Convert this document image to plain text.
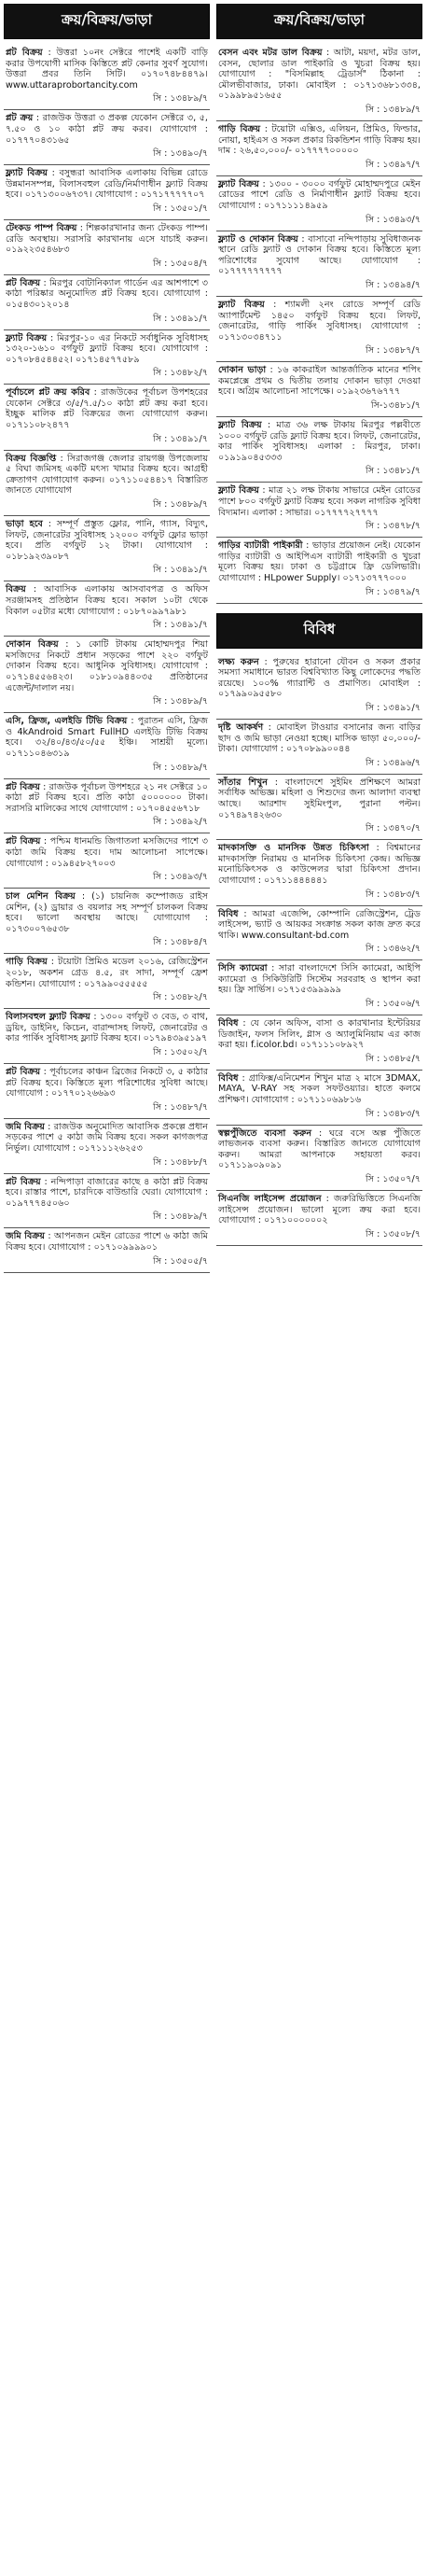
ক্রয়/বিক্রয়/ভাড়া

প্লট বিক্রয় : উত্তরা ১০নং সেক্টরে পাশেই একটি বাড়ি করার উপযোগী মাসিক কিস্তিতে প্লট কেনার সুবর্ণ সুযোগ। উত্তরা প্রবর তিনি সিটি। ০১৭০৭৪৮৪৪৭৯। www.uttaraprobortancity.com

সি : ১৩৪৮৯/৭

প্লট ক্রয় : রাজউক উত্তরা ৩ প্রকল্প যেকোন সেক্টরে ৩, ৫, ৭.৫০ ও ১০ কাঠা প্লট ক্রয় করব। যোগাযোগ : ০১৭৭৭০৪৩১৬৫

সি : ১৩৪৯০/৭

ফ্ল্যাট বিক্রয় : বসুন্ধরা আবাসিক এলাকায় বিভিন্ন রোডে উন্নমানসম্পন্ন, বিলাসবহুল রেডি/নির্মাণাধীন ফ্ল্যাট বিক্রয় হবে। ০১৭১৩০০৬৭৩৭। যোগাযোগ : ০১৭১৭৭৭৭৭০৭

সি : ১৩৫০১/৭

টেংকড পাম্প বিক্রয় : শিল্পকারখানার জন্য টেংকড পাম্প। রেডি অবস্থায়। সরাসরি কারখানায় এসে যাচাই করুন। ০১৯২২৩৫৪৬৮৩

সি : ১৩৫০৪/৭

প্লট বিক্রয় : মিরপুর বোটানিক্যাল গার্ডেন এর আশপাশে ৩ কাঠা পরিষ্কার অনুমোদিত প্লট বিক্রয় হবে। যোগাযোগ : ০১৫৪৩০১২০১৪

সি : ১৩৪৯১/৭

ফ্ল্যাট বিক্রয় : মিরপুর-১০ এর নিকটে সর্বাধুনিক সুবিধাসহ ১৩২০-১৬১০ বর্গফুট ফ্ল্যাট বিক্রয় হবে। যোগাযোগ : ০১৭০৮৪৫৪৪৫২। ০১৭১৪৫৭৭৫৮৯

সি : ১৩৪৮২/৭

পূর্বাচলে প্লট ক্রয় করিব : রাজউকের পূর্বাচল উপশহরের যেকোন সেক্টরে ৩/৫/৭.৫/১০ কাঠা প্লট ক্রয় করা হবে। ইচ্ছুক মালিক প্লট বিক্রয়ের জন্য যোগাযোগ করুন। ০১৭১১০৮২৪৭৭

সি : ১৩৪৯১/৭

বিক্রয় বিজ্ঞপ্তি : সিরাজগঞ্জ জেলার রায়গঞ্জ উপজেলায় ৫ বিঘা জমিসহ একটি মৎস্য খামার বিক্রয় হবে। আগ্রহী ক্রেতাগণ যোগাযোগ করুন। ০১৭১১০৫৪৪১৭ বিস্তারিত জানতে যোগাযোগ

সি : ১৩৪৮৯/৭

ভাড়া হবে : সম্পূর্ণ প্রস্তুত ফ্লোর, পানি, গ্যাস, বিদ্যুৎ, লিফট, জেনারেটর সুবিধাসহ ১২০০০ বর্গফুট ফ্লোর ভাড়া হবে। প্রতি বর্গফুট ১২ টাকা। যোগাযোগ : ০১৮১৯২৩৯০৮৭

সি : ১৩৪৯১/৭

বিক্রয় : আবাসিক এলাকায় আসবাবপত্র ও অফিস সরঞ্জামসহ প্রতিষ্ঠান বিক্রয় হবে। সকাল ১০টা থেকে বিকাল ০৫টার মধ্যে যোগাযোগ : ০১৮৭০৯৯৭৯৮১

সি : ১৩৪৯১/৭

দোকান বিক্রয় : ১ কোটি টাকায় মোহাম্মদপুর শিয়া মসজিদের নিকটে প্রধান সড়কের পাশে ২২০ বর্গফুট দোকান বিক্রয় হবে। আধুনিক সুবিধাসহ। যোগাযোগ : ০১৭১৪৫৫৬৪২৩। ০১৮১০৯৪৪০৩৫ প্রতিষ্ঠানের এজেন্ট/দালাল নয়।

সি : ১৩৪৮৯/৭

এসি, ফ্রিজ, এলইডি টিভি বিক্রয় : পুরাতন এসি, ফ্রিজ ও 4kAndroid Smart FullHD এলইডি টিভি বিক্রয় হবে। ৩২/৪০/৪৩/৫০/৫৫ ইঞ্চি। সাশ্রয়ী মূল্যে। ০১৭১১০৪৬৩১৯

সি : ১৩৪৮৯/৭

প্লট বিক্রয় : রাজউক পূর্বাচল উপশহরে ২১ নং সেক্টরে ১০ কাঠা প্লট বিক্রয় হবে। প্রতি কাঠা ৫০০০০০০ টাকা। সরাসরি মালিকের সাথে যোগাযোগ : ০১৭০৪৫৫৬৭১৮

সি : ১৩৪৯২/৭

প্লট বিক্রয় : পশ্চিম ধানমন্ডি জিগাতলা মসজিদের পাশে ৩ কাঠা জমি বিক্রয় হবে। দাম আলোচনা সাপেক্ষে। যোগাযোগ : ০১৯৪৫৮২৭০০৩

সি : ১৩৪৯৩/৭

চাল মেশিন বিক্রয় : (১) চায়নিজ কম্পোজড রাইস মেশিন, (২) ড্রায়ার ও বয়লার সহ সম্পূর্ণ চালকল বিক্রয় হবে। ভালো অবস্থায় আছে। যোগাযোগ : ০১৭৩০০৭৬৫৩৮

সি : ১৩৪৮৪/৭

গাড়ি বিক্রয় : টয়োটা প্রিমিও মডেল ২০১৬, রেজিস্ট্রেশন ২০১৮, অকশন গ্রেড ৪.৫, রং সাদা, সম্পূর্ণ ফ্রেশ কন্ডিশন। যোগাযোগ : ০১৭৯৯০৫৫৫৫৫

সি : ১৩৪৮২/৭

বিলাসবহুল ফ্ল্যাট বিক্রয় : ১৩০০ বর্গফুট ৩ বেড, ৩ বাথ, ড্রয়িং, ডাইনিং, কিচেন, বারান্দাসহ লিফট, জেনারেটর ও কার পার্কিং সুবিধাসহ ফ্ল্যাট বিক্রয় হবে। ০১৭৯৪৩৯৫১৯৭

সি : ১৩৫০২/৭

প্লট বিক্রয় : পূর্বাচলের কাঞ্চন ব্রিজের নিকটে ৩, ৫ কাঠার প্লট বিক্রয় হবে। কিস্তিতে মূল্য পরিশোধের সুবিধা আছে। যোগাযোগ : ০১৭৭০১২৬৬৯৩

সি : ১৩৪৮৭/৭

জমি বিক্রয় : রাজউক অনুমোদিত আবাসিক প্রকল্পে প্রধান সড়কের পাশে ৫ কাঠা জমি বিক্রয় হবে। সকল কাগজপত্র নির্ভুল। যোগাযোগ : ০১৭১১১২৬২৫৩

সি : ১৩৪৮৮/৭

প্লট বিক্রয় : নন্দিপাড়া বাজারের কাছে ৪ কাঠা প্লট বিক্রয় হবে। রাস্তার পাশে, চারদিকে বাউন্ডারি ঘেরা। যোগাযোগ : ০১৯৭৭৭৪৫০৬০

সি : ১৩৪৮৯/৭

জমি বিক্রয় : আপনজন মেইন রোডের পাশে ৬ কাঠা জমি বিক্রয় হবে। যোগাযোগ : ০১৭১০৯৯৯৯০১

সি : ১৩৫০৫/৭

ক্রয়/বিক্রয়/ভাড়া

বেসন এবং মটর ডাল বিক্রয় : আটা, ময়দা, মটর ডাল, বেসন, ছোলার ডাল পাইকারি ও খুচরা বিক্রয় হয়। যোগাযোগ : "বিসমিল্লাহ ট্রেডার্স" ঠিকানা : মৌলভীবাজার, ঢাকা। মোবাইল : ০১৭১৩৬৮১৩৩৪, ০১৯৯৮৯৫১৬৫৫

সি : ১৩৪৮৯/৭

গাড়ি বিক্রয় : টয়োটা এক্সিও, এলিয়ন, প্রিমিও, ফিল্ডার, নোয়া, হাইএস ও সকল প্রকার রিকন্ডিশন গাড়ি বিক্রয় হয়। দাম : ২৬,৫০,০০০/- ০১৭৭৭৭০০০০০

সি : ১৩৪৯৭/৭

ফ্ল্যাট বিক্রয় : ১৩০০ - ৩০০০ বর্গফুট মোহাম্মদপুরে মেইন রোডের পাশে রেডি ও নির্মাণাধীন ফ্ল্যাট বিক্রয় হবে। যোগাযোগ : ০১৭১১১১৪৯৫৯

সি : ১৩৪৯৩/৭

ফ্ল্যাট ও দোকান বিক্রয় : বাসাবো নন্দিপাড়ায় সুবিধাজনক স্থানে রেডি ফ্ল্যাট ও দোকান বিক্রয় হবে। কিস্তিতে মূল্য পরিশোধের সুযোগ আছে। যোগাযোগ : ০১৭৭৭৭৭৭৭৭৭

সি : ১৩৪৯৪/৭

ফ্ল্যাট বিক্রয় : শ্যামলী ২নং রোডে সম্পূর্ণ রেডি অ্যাপার্টমেন্ট ১৪৫০ বর্গফুট বিক্রয় হবে। লিফট, জেনারেটর, গাড়ি পার্কিং সুবিধাসহ। যোগাযোগ : ০১৭১৩০৩৪৭১১

সি : ১৩৪৮৭/৭

দোকান ভাড়া : ১৬ কাকরাইল আন্তর্জাতিক মানের শপিং কমপ্লেক্সে প্রথম ও দ্বিতীয় তলায় দোকান ভাড়া দেওয়া হবে। অগ্রিম আলোচনা সাপেক্ষে। ০১৯২৩৬৭৬৭৭৭

সি-১৩৪৮১/৭

ফ্ল্যাট বিক্রয় : মাত্র ৩৬ লক্ষ টাকায় মিরপুর পল্লবীতে ১০০০ বর্গফুট রেডি ফ্ল্যাট বিক্রয় হবে। লিফট, জেনারেটর, কার পার্কিং সুবিধাসহ। এলাকা : মিরপুর, ঢাকা। ০১৯১৯০৪৫৩৩৩

সি : ১৩৪৮১/৭

ফ্ল্যাট বিক্রয় : মাত্র ২১ লক্ষ টাকায় সাভারে মেইন রোডের পাশে ৮০০ বর্গফুট ফ্ল্যাট বিক্রয় হবে। সকল নাগরিক সুবিধা বিদ্যমান। এলাকা : সাভার। ০১৭৭৭৭২৭৭৭৭

সি : ১৩৪৭৮/৭

গাড়ির ব্যাটারী পাইকারী : ভাড়ার প্রয়োজন নেই। যেকোন গাড়ির ব্যাটারী ও আইপিএস ব্যাটারী পাইকারী ও খুচরা মূল্যে বিক্রয় হয়। ঢাকা ও চট্টগ্রামে ফ্রি ডেলিভারী। যোগাযোগ : HLpower Supply। ০১৭১৩৭৭৭০০০

সি : ১৩৪৭৯/৭

বিবিধ

লক্ষ্য করুন : পুরুষের হারানো যৌবন ও সকল প্রকার সমস্যা সমাধানে ভারত বিশ্ববিখ্যাত কিছু লোকেদের পদ্ধতি রয়েছে। ১০০% গ্যারান্টি ও প্রমাণিত। মোবাইল : ০১৭৯৯০৯৫৫৮০

সি : ১৩৪৯১/৭

দৃষ্টি আকর্ষণ : মোবাইল টাওয়ার বসানোর জন্য বাড়ির ছাদ ও জমি ভাড়া নেওয়া হচ্ছে। মাসিক ভাড়া ৫০,০০০/- টাকা। যোগাযোগ : ০১৭০৮৯৯০০৪৪

সি : ১৩৪৯৬/৭

সাঁতার শিখুন : বাংলাদেশে সুইমিং প্রশিক্ষণে আমরা সর্বাধিক অভিজ্ঞ। মহিলা ও শিশুদের জন্য আলাদা ব্যবস্থা আছে। আরশাদ সুইমিংপুল, পুরানা পল্টন। ০১৭৪৯৭৪২৬৩০

সি : ১৩৪৭০/৭

মাদকাসক্তি ও মানসিক উন্নত চিকিৎসা : বিশ্বমানের মাদকাসক্তি নিরাময় ও মানসিক চিকিৎসা কেন্দ্র। অভিজ্ঞ মনোচিকিৎসক ও কাউন্সেলর দ্বারা চিকিৎসা প্রদান। যোগাযোগ : ০১৭১১৪৪৪৪৪১

সি : ১৩৪৮৩/৭

বিবিধ : আমরা এজেন্সি, কোম্পানি রেজিস্ট্রেশন, ট্রেড লাইসেন্স, ভ্যাট ও আয়কর সংক্রান্ত সকল কাজ দ্রুত করে থাকি। www.consultant-bd.com

সি : ১৩৪৬২/৭

সিসি ক্যামেরা : সারা বাংলাদেশে সিসি ক্যামেরা, আইপি ক্যামেরা ও সিকিউরিটি সিস্টেম সরবরাহ ও স্থাপন করা হয়। ফ্রি সার্ভিস। ০১৭১৫৩৯৯৯৯৯

সি : ১৩৫০৬/৭

বিবিধ : যে কোন অফিস, বাসা ও কারখানার ইন্টেরিয়র ডিজাইন, ফলস সিলিং, গ্লাস ও অ্যালুমিনিয়াম এর কাজ করা হয়। f.icolor.bd। ০১৭১১১০৮৯২৭

সি : ১৩৪৮৫/৭

বিবিধ : গ্রাফিক্স/এনিমেশন শিখুন মাত্র ২ মাসে 3DMAX, MAYA, V-RAY সহ সকল সফটওয়্যার। হাতে কলমে প্রশিক্ষণ। যোগাযোগ : ০১৭১১০৬৯৮১৬

সি : ১৩৪৮৩/৭

স্বল্পপুঁজিতে ব্যবসা করুন : ঘরে বসে অল্প পুঁজিতে লাভজনক ব্যবসা করুন। বিস্তারিত জানতে যোগাযোগ করুন। আমরা আপনাকে সহায়তা করব। ০১৭১১৯০৯০৯১

সি : ১৩৫০৭/৭

সিএনজি লাইসেন্স প্রয়োজন : জরুরিভিত্তিতে সিএনজি লাইসেন্স প্রয়োজন। ভালো মূল্যে ক্রয় করা হবে। যোগাযোগ : ০১৭১০০০০০০২

সি : ১৩৫০৮/৭
